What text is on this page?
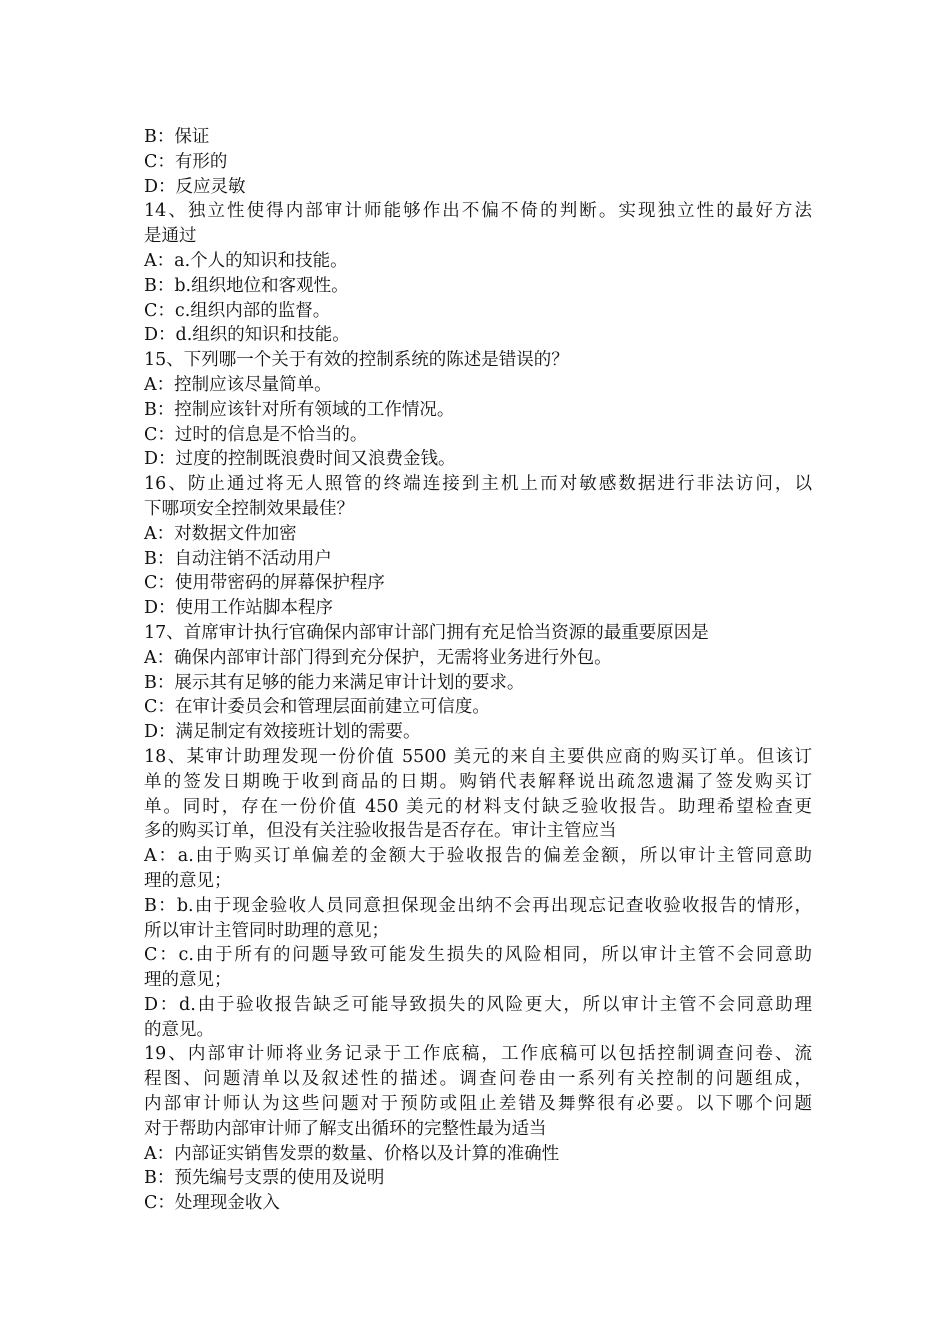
B：保证
C：有形的
D：反应灵敏
14、独立性使得内部审计师能够作出不偏不倚的判断。实现独立性的最好方法
是通过
A：a.个人的知识和技能。
B：b.组织地位和客观性。
C：c.组织内部的监督。
D：d.组织的知识和技能。
15、下列哪一个关于有效的控制系统的陈述是错误的？
A：控制应该尽量简单。
B：控制应该针对所有领域的工作情况。
C：过时的信息是不恰当的。
D：过度的控制既浪费时间又浪费金钱。
16、防止通过将无人照管的终端连接到主机上而对敏感数据进行非法访问，以
下哪项安全控制效果最佳？
A：对数据文件加密
B：自动注销不活动用户
C：使用带密码的屏幕保护程序
D：使用工作站脚本程序
17、首席审计执行官确保内部审计部门拥有充足恰当资源的最重要原因是
A：确保内部审计部门得到充分保护，无需将业务进行外包。
B：展示其有足够的能力来满足审计计划的要求。
C：在审计委员会和管理层面前建立可信度。
D：满足制定有效接班计划的需要。
18、某审计助理发现一份价值 5500 美元的来自主要供应商的购买订单。但该订
单的签发日期晚于收到商品的日期。购销代表解释说出疏忽遗漏了签发购买订
单。同时，存在一份价值 450 美元的材料支付缺乏验收报告。助理希望检查更
多的购买订单，但没有关注验收报告是否存在。审计主管应当
A：a.由于购买订单偏差的金额大于验收报告的偏差金额，所以审计主管同意助
理的意见；
B：b.由于现金验收人员同意担保现金出纳不会再出现忘记查收验收报告的情形，
所以审计主管同时助理的意见；
C：c.由于所有的问题导致可能发生损失的风险相同，所以审计主管不会同意助
理的意见；
D：d.由于验收报告缺乏可能导致损失的风险更大，所以审计主管不会同意助理
的意见。
19、内部审计师将业务记录于工作底稿，工作底稿可以包括控制调查问卷、流
程图、问题清单以及叙述性的描述。调查问卷由一系列有关控制的问题组成，
内部审计师认为这些问题对于预防或阻止差错及舞弊很有必要。以下哪个问题
对于帮助内部审计师了解支出循环的完整性最为适当
A：内部证实销售发票的数量、价格以及计算的准确性
B：预先编号支票的使用及说明
C：处理现金收入
